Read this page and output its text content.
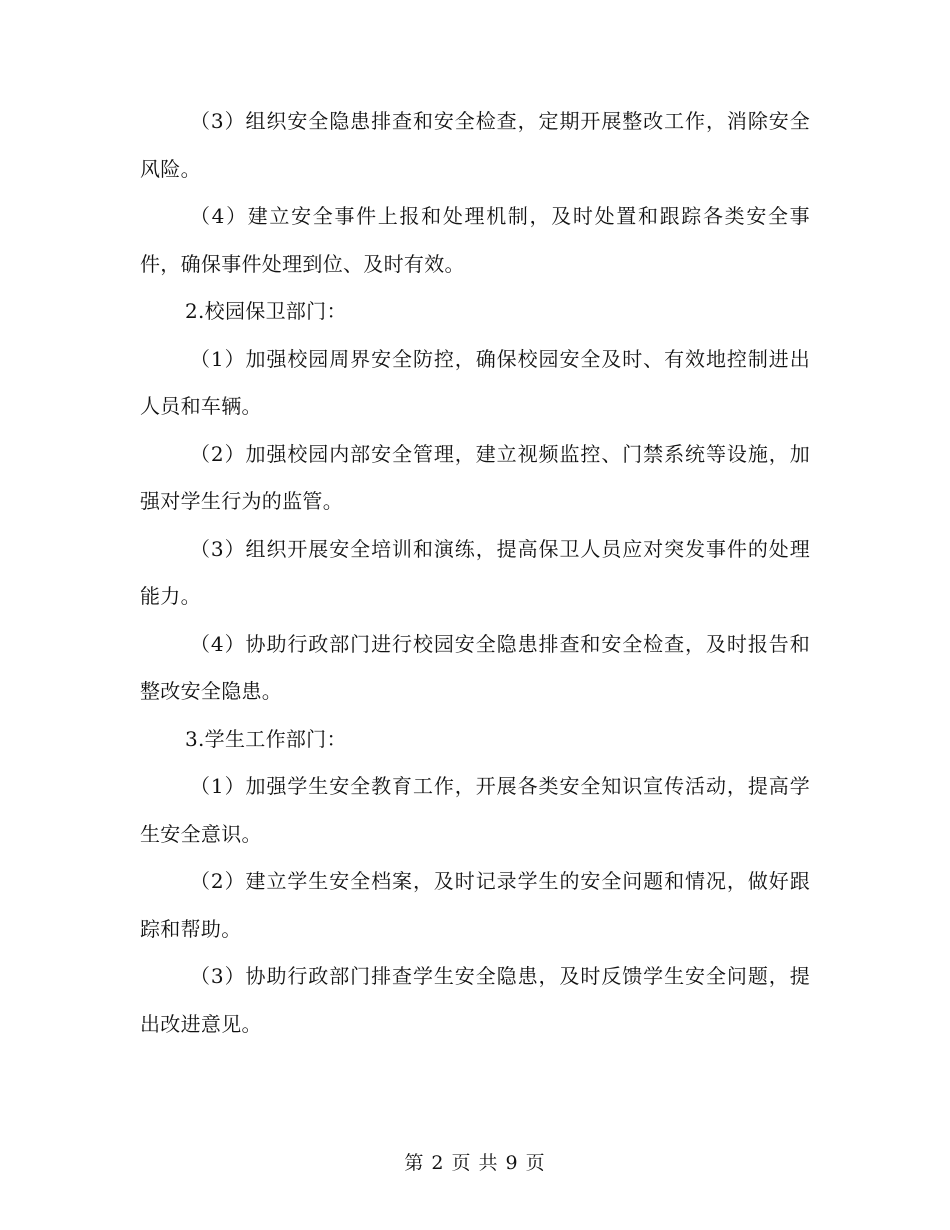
（3）组织安全隐患排查和安全检查，定期开展整改工作，消除安全风险。

（4）建立安全事件上报和处理机制，及时处置和跟踪各类安全事件，确保事件处理到位、及时有效。

2.校园保卫部门：

（1）加强校园周界安全防控，确保校园安全及时、有效地控制进出人员和车辆。

（2）加强校园内部安全管理，建立视频监控、门禁系统等设施，加强对学生行为的监管。

（3）组织开展安全培训和演练，提高保卫人员应对突发事件的处理能力。

（4）协助行政部门进行校园安全隐患排查和安全检查，及时报告和整改安全隐患。

3.学生工作部门：

（1）加强学生安全教育工作，开展各类安全知识宣传活动，提高学生安全意识。

（2）建立学生安全档案，及时记录学生的安全问题和情况，做好跟踪和帮助。

（3）协助行政部门排查学生安全隐患，及时反馈学生安全问题，提出改进意见。

第 2 页 共 9 页
